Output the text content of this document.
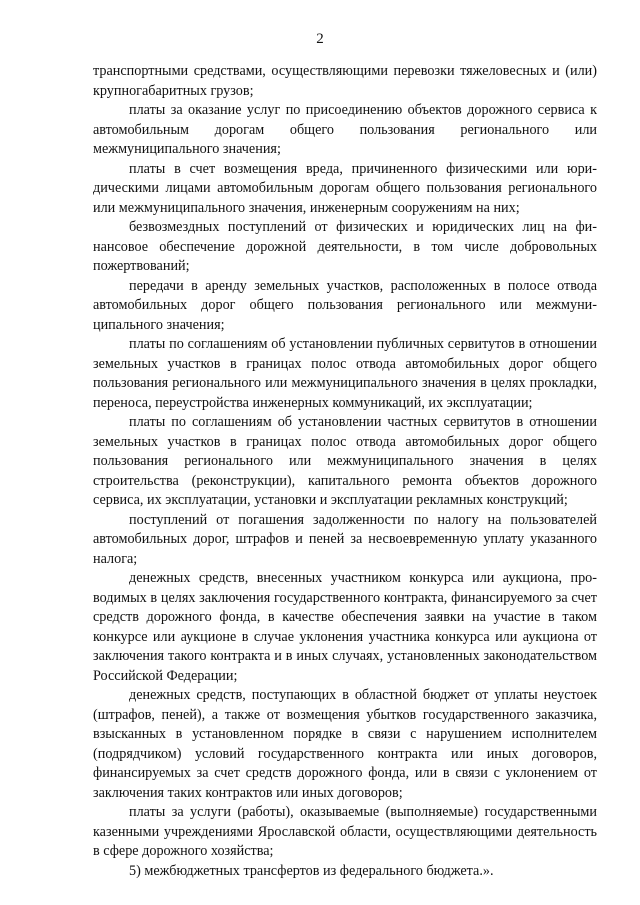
2

транспортными средствами, осуществляющими перевозки тяжеловесных и (или) крупногабаритных грузов;

платы за оказание услуг по присоединению объектов дорожного сервиса к автомобильным дорогам общего пользования регионального или межмуниципального значения;

платы в счет возмещения вреда, причиненного физическими или юридическими лицами автомобильным дорогам общего пользования регионального или межмуниципального значения, инженерным сооружениям на них;

безвозмездных поступлений от физических и юридических лиц на финансовое обеспечение дорожной деятельности, в том числе добровольных пожертвований;

передачи в аренду земельных участков, расположенных в полосе отвода автомобильных дорог общего пользования регионального или межмуниципального значения;

платы по соглашениям об установлении публичных сервитутов в отношении земельных участков в границах полос отвода автомобильных дорог общего пользования регионального или межмуниципального значения в целях прокладки, переноса, переустройства инженерных коммуникаций, их эксплуатации;

платы по соглашениям об установлении частных сервитутов в отношении земельных участков в границах полос отвода автомобильных дорог общего пользования регионального или межмуниципального значения в целях строительства (реконструкции), капитального ремонта объектов дорожного сервиса, их эксплуатации, установки и эксплуатации рекламных конструкций;

поступлений от погашения задолженности по налогу на пользователей автомобильных дорог, штрафов и пеней за несвоевременную уплату указанного налога;

денежных средств, внесенных участником конкурса или аукциона, проводимых в целях заключения государственного контракта, финансируемого за счет средств дорожного фонда, в качестве обеспечения заявки на участие в таком конкурсе или аукционе в случае уклонения участника конкурса или аукциона от заключения такого контракта и в иных случаях, установленных законодательством Российской Федерации;

денежных средств, поступающих в областной бюджет от уплаты неустоек (штрафов, пеней), а также от возмещения убытков государственного заказчика, взысканных в установленном порядке в связи с нарушением исполнителем (подрядчиком) условий государственного контракта или иных договоров, финансируемых за счет средств дорожного фонда, или в связи с уклонением от заключения таких контрактов или иных договоров;

платы за услуги (работы), оказываемые (выполняемые) государственными казенными учреждениями Ярославской области, осуществляющими деятельность в сфере дорожного хозяйства;

5) межбюджетных трансфертов из федерального бюджета.».
